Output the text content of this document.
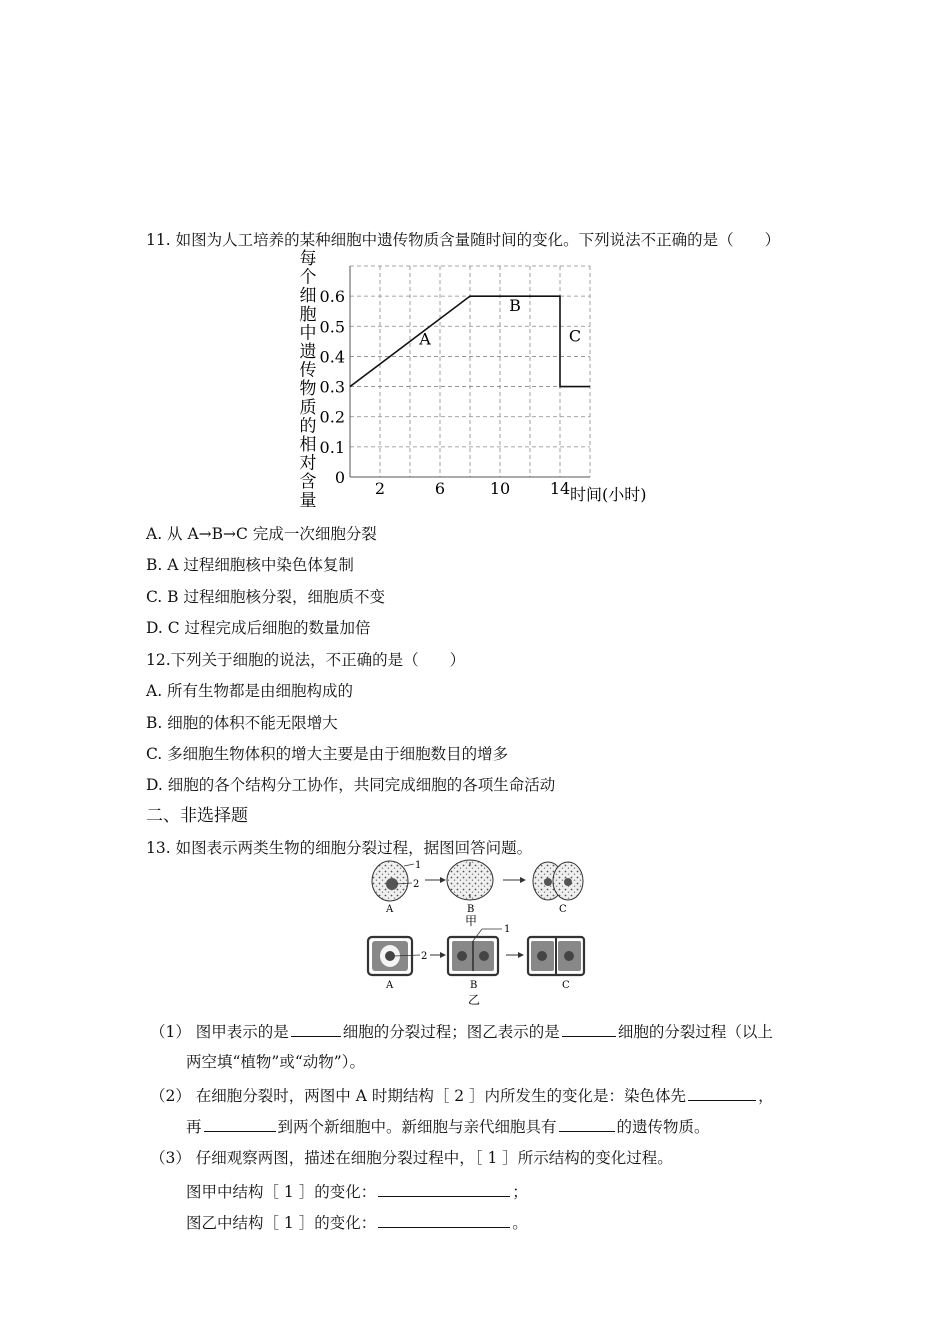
11. 如图为人工培养的某种细胞中遗传物质含量随时间的变化。下列说法不正确的是（　　）
每
个
细
胞
中
遗
传
物
质
的
相
对
含
量
0
0.1
0.2
0.3
0.4
0.5
0.6
2	6	10 14
A
B
C
时间(小时)
A. 从 A→B→C 完成一次细胞分裂
B. A 过程细胞核中染色体复制
C. B 过程细胞核分裂，细胞质不变
D. C 过程完成后细胞的数量加倍
12.下列关于细胞的说法，不正确的是（　　）
A. 所有生物都是由细胞构成的
B. 细胞的体积不能无限增大
C. 多细胞生物体积的增大主要是由于细胞数目的增多
D. 细胞的各个结构分工协作，共同完成细胞的各项生命活动
二、非选择题
13. 如图表示两类生物的细胞分裂过程，据图回答问题。
1
2
A	B	C
甲
2
1
A	B	C
乙
（1） 图甲表示的是	细胞的分裂过程；图乙表示的是	细胞的分裂过程（以上
两空填“植物”或“动物”）。
（2） 在细胞分裂时，两图中 A 时期结构［ 2 ］内所发生的变化是：染色体先	，
再	到两个新细胞中。新细胞与亲代细胞具有	的遗传物质。
（3） 仔细观察两图，描述在细胞分裂过程中，［ 1 ］所示结构的变化过程。
图甲中结构［ 1 ］的变化：	；
图乙中结构［ 1 ］的变化：	。
